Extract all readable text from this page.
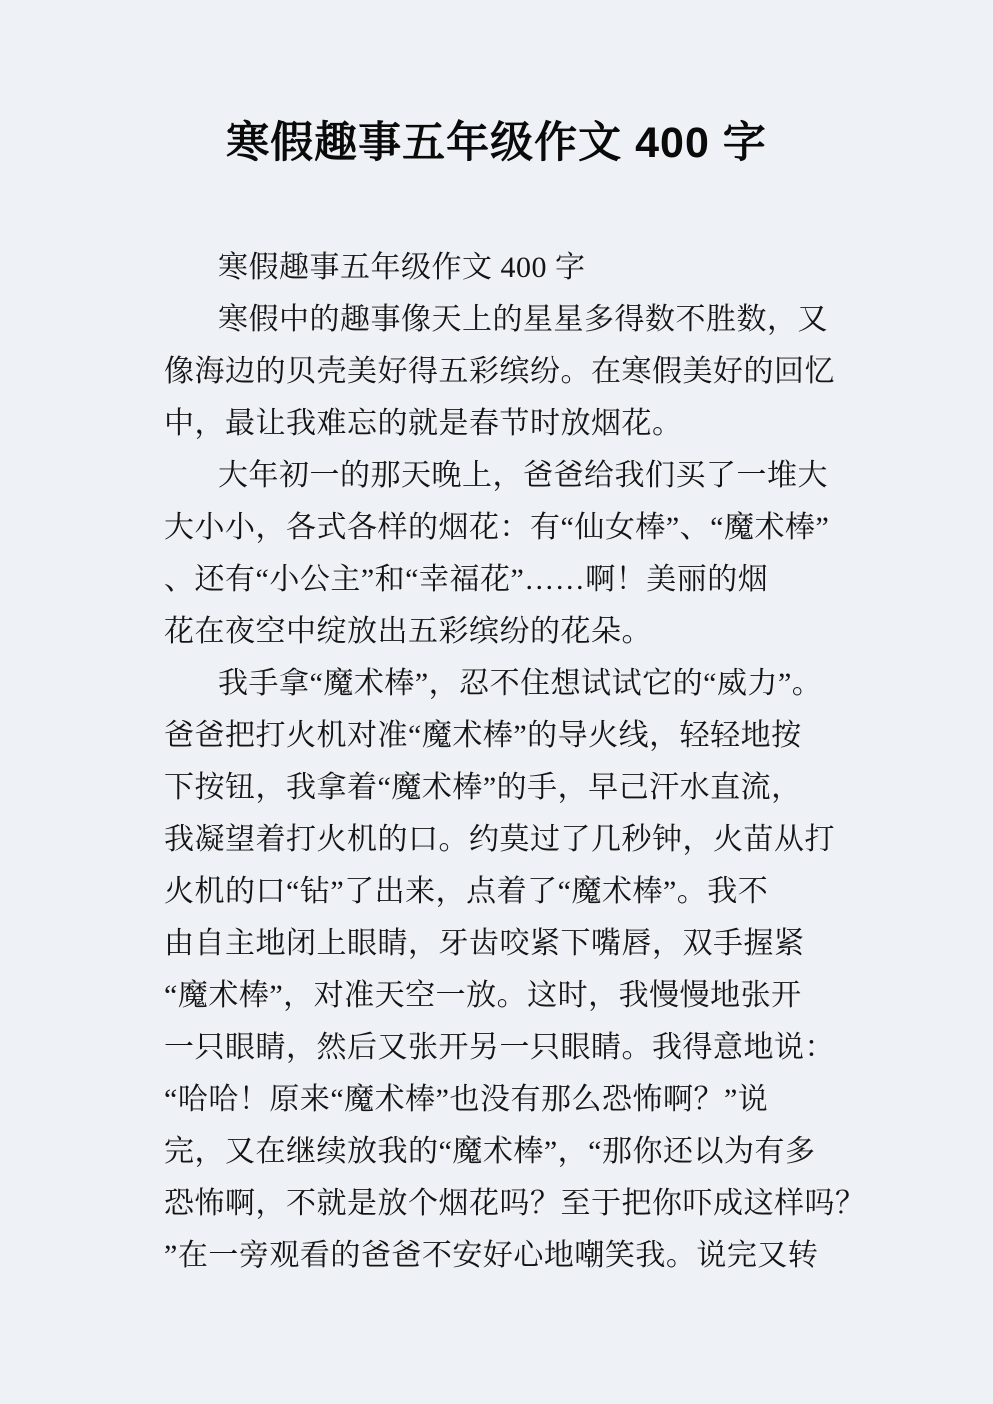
寒假趣事五年级作文 400 字
寒假趣事五年级作文 400 字
寒假中的趣事像天上的星星多得数不胜数，又
像海边的贝壳美好得五彩缤纷。在寒假美好的回忆
中，最让我难忘的就是春节时放烟花。
大年初一的那天晚上，爸爸给我们买了一堆大
大小小，各式各样的烟花：有“仙女棒”、“魔术棒”
、还有“小公主”和“幸福花”……啊！美丽的烟
花在夜空中绽放出五彩缤纷的花朵。
我手拿“魔术棒”，忍不住想试试它的“威力”。
爸爸把打火机对准“魔术棒”的导火线，轻轻地按
下按钮，我拿着“魔术棒”的手，早己汗水直流，
我凝望着打火机的口。约莫过了几秒钟，火苗从打
火机的口“钻”了出来，点着了“魔术棒”。我不
由自主地闭上眼睛，牙齿咬紧下嘴唇，双手握紧
“魔术棒”，对准天空一放。这时，我慢慢地张开
一只眼睛，然后又张开另一只眼睛。我得意地说：
“哈哈！原来“魔术棒”也没有那么恐怖啊？”说
完，又在继续放我的“魔术棒”，“那你还以为有多
恐怖啊，不就是放个烟花吗？至于把你吓成这样吗？
”在一旁观看的爸爸不安好心地嘲笑我。说完又转
